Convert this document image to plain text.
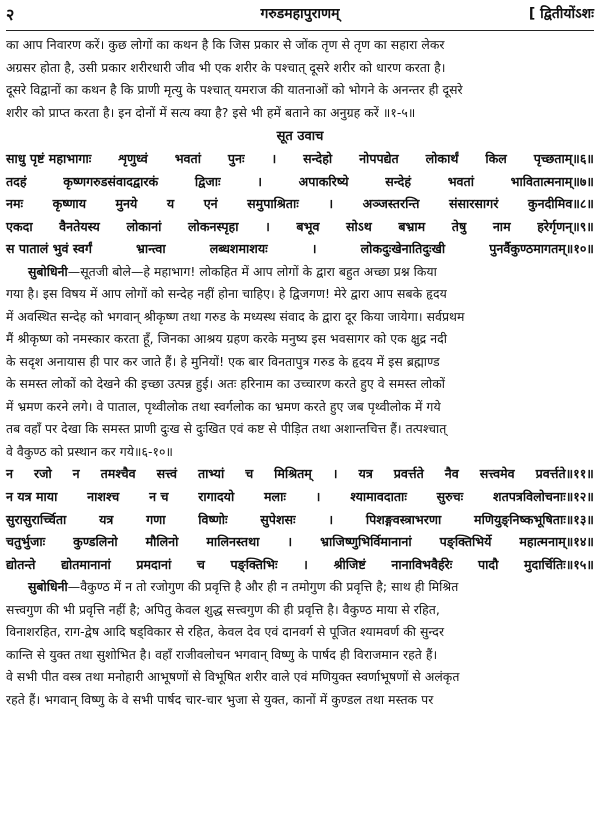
२	गरुडमहापुराणम्	[ द्वितीयोंऽशः
का आप निवारण करें। कुछ लोगों का कथन है कि जिस प्रकार से जोंक तृण से तृण का सहारा लेकर
अग्रसर होता है, उसी प्रकार शरीरधारी जीव भी एक शरीर के पश्चात् दूसरे शरीर को धारण करता है।
दूसरे विद्वानों का कथन है कि प्राणी मृत्यु के पश्चात् यमराज की यातनाओं को भोगने के अनन्तर ही दूसरे
शरीर को प्राप्त करता है। इन दोनों में सत्य क्या है? इसे भी हमें बताने का अनुग्रह करें ॥१-५॥
सूत उवाच
साधु पृष्टं महाभागाः शृणुध्वं भवतां पुनः । सन्देहो नोपपद्येत लोकार्थं किल पृच्छताम्॥६॥
तदहं	कृष्णगरुडसंवादद्वारकं	द्विजाः	।	अपाकरिष्ये	सन्देहं	भवतां	भावितात्मनाम्॥७॥
नमः कृष्णाय मुनये य एनं समुपाश्रिताः । अञ्जस्तरन्ति संसारसागरं कुनदीमिव॥८॥
एकदा वैनतेयस्य लोकानां लोकनस्पृहा । बभूव सोऽथ बभ्राम तेषु नाम हरेर्गृणन्॥९॥
स पातालं भुवं स्वर्गं	भ्रान्त्वा	लब्धशमाशयः	।	लोकदुःखेनातिदुःखी	पुनर्वैकुण्ठमागतम्॥१०॥
सुबोधिनी—सूतजी बोले—हे महाभाग! लोकहित में आप लोगों के द्वारा बहुत अच्छा प्रश्न किया
गया है। इस विषय में आप लोगों को सन्देह नहीं होना चाहिए। हे द्विजगण! मेरे द्वारा आप सबके हृदय
में अवस्थित सन्देह को भगवान् श्रीकृष्ण तथा गरुड के मध्यस्थ संवाद के द्वारा दूर किया जायेगा। सर्वप्रथम
मैं श्रीकृष्ण को नमस्कार करता हूँ, जिनका आश्रय ग्रहण करके मनुष्य इस भवसागर को एक क्षुद्र नदी
के सदृश अनायास ही पार कर जाते हैं। हे मुनियों! एक बार विनतापुत्र गरुड के हृदय में इस ब्रह्माण्ड
के समस्त लोकों को देखने की इच्छा उत्पन्न हुई। अतः हरिनाम का उच्चारण करते हुए वे समस्त लोकों
में भ्रमण करने लगे। वे पाताल, पृथ्वीलोक तथा स्वर्गलोक का भ्रमण करते हुए जब पृथ्वीलोक में गये
तब वहाँ पर देखा कि समस्त प्राणी दुःख से दुःखित एवं कष्ट से पीड़ित तथा अशान्तचित्त हैं। तत्पश्चात्
वे वैकुण्ठ को प्रस्थान कर गये॥६-१०॥
न रजो न तमश्चैव सत्त्वं ताभ्यां च मिश्रितम् । यत्र प्रवर्त्तते नैव सत्त्वमेव प्रवर्त्तते॥११॥
न यत्र माया नाशश्च न च रागादयो मलाः । श्यामावदाताः सुरुचः शतपत्रविलोचनाः॥१२॥
सुरासुरार्च्चिता	यत्र	गणा	विष्णोः	सुपेशसः	।	पिशङ्गवस्त्राभरणा	मणियुङ्निष्कभूषिताः॥१३॥
चतुर्भुजाः कुण्डलिनो मौलिनो मालिनस्तथा । भ्राजिष्णुभिर्विमानानां पङ्क्तिभिर्ये महात्मनाम्॥१४॥
द्योतन्ते द्योतमानानां प्रमदानां च पङ्क्तिभिः । श्रीजिष्टं नानाविभवैर्हरेः पादौ मुदार्चितिः॥१५॥
सुबोधिनी—वैकुण्ठ में न तो रजोगुण की प्रवृत्ति है और ही न तमोगुण की प्रवृत्ति है; साथ ही मिश्रित
सत्त्वगुण की भी प्रवृत्ति नहीं है; अपितु केवल शुद्ध सत्त्वगुण की ही प्रवृत्ति है। वैकुण्ठ माया से रहित,
विनाशरहित, राग-द्वेष आदि षड्विकार से रहित, केवल देव एवं दानवर्ग से पूजित श्यामवर्ण की सुन्दर
कान्ति से युक्त तथा सुशोभित है। वहाँ राजीवलोचन भगवान् विष्णु के पार्षद ही विराजमान रहते हैं।
वे सभी पीत वस्त्र तथा मनोहारी आभूषणों से विभूषित शरीर वाले एवं मणियुक्त स्वर्णाभूषणों से अलंकृत
रहते हैं। भगवान् विष्णु के वे सभी पार्षद चार-चार भुजा से युक्त, कानों में कुण्डल तथा मस्तक पर
